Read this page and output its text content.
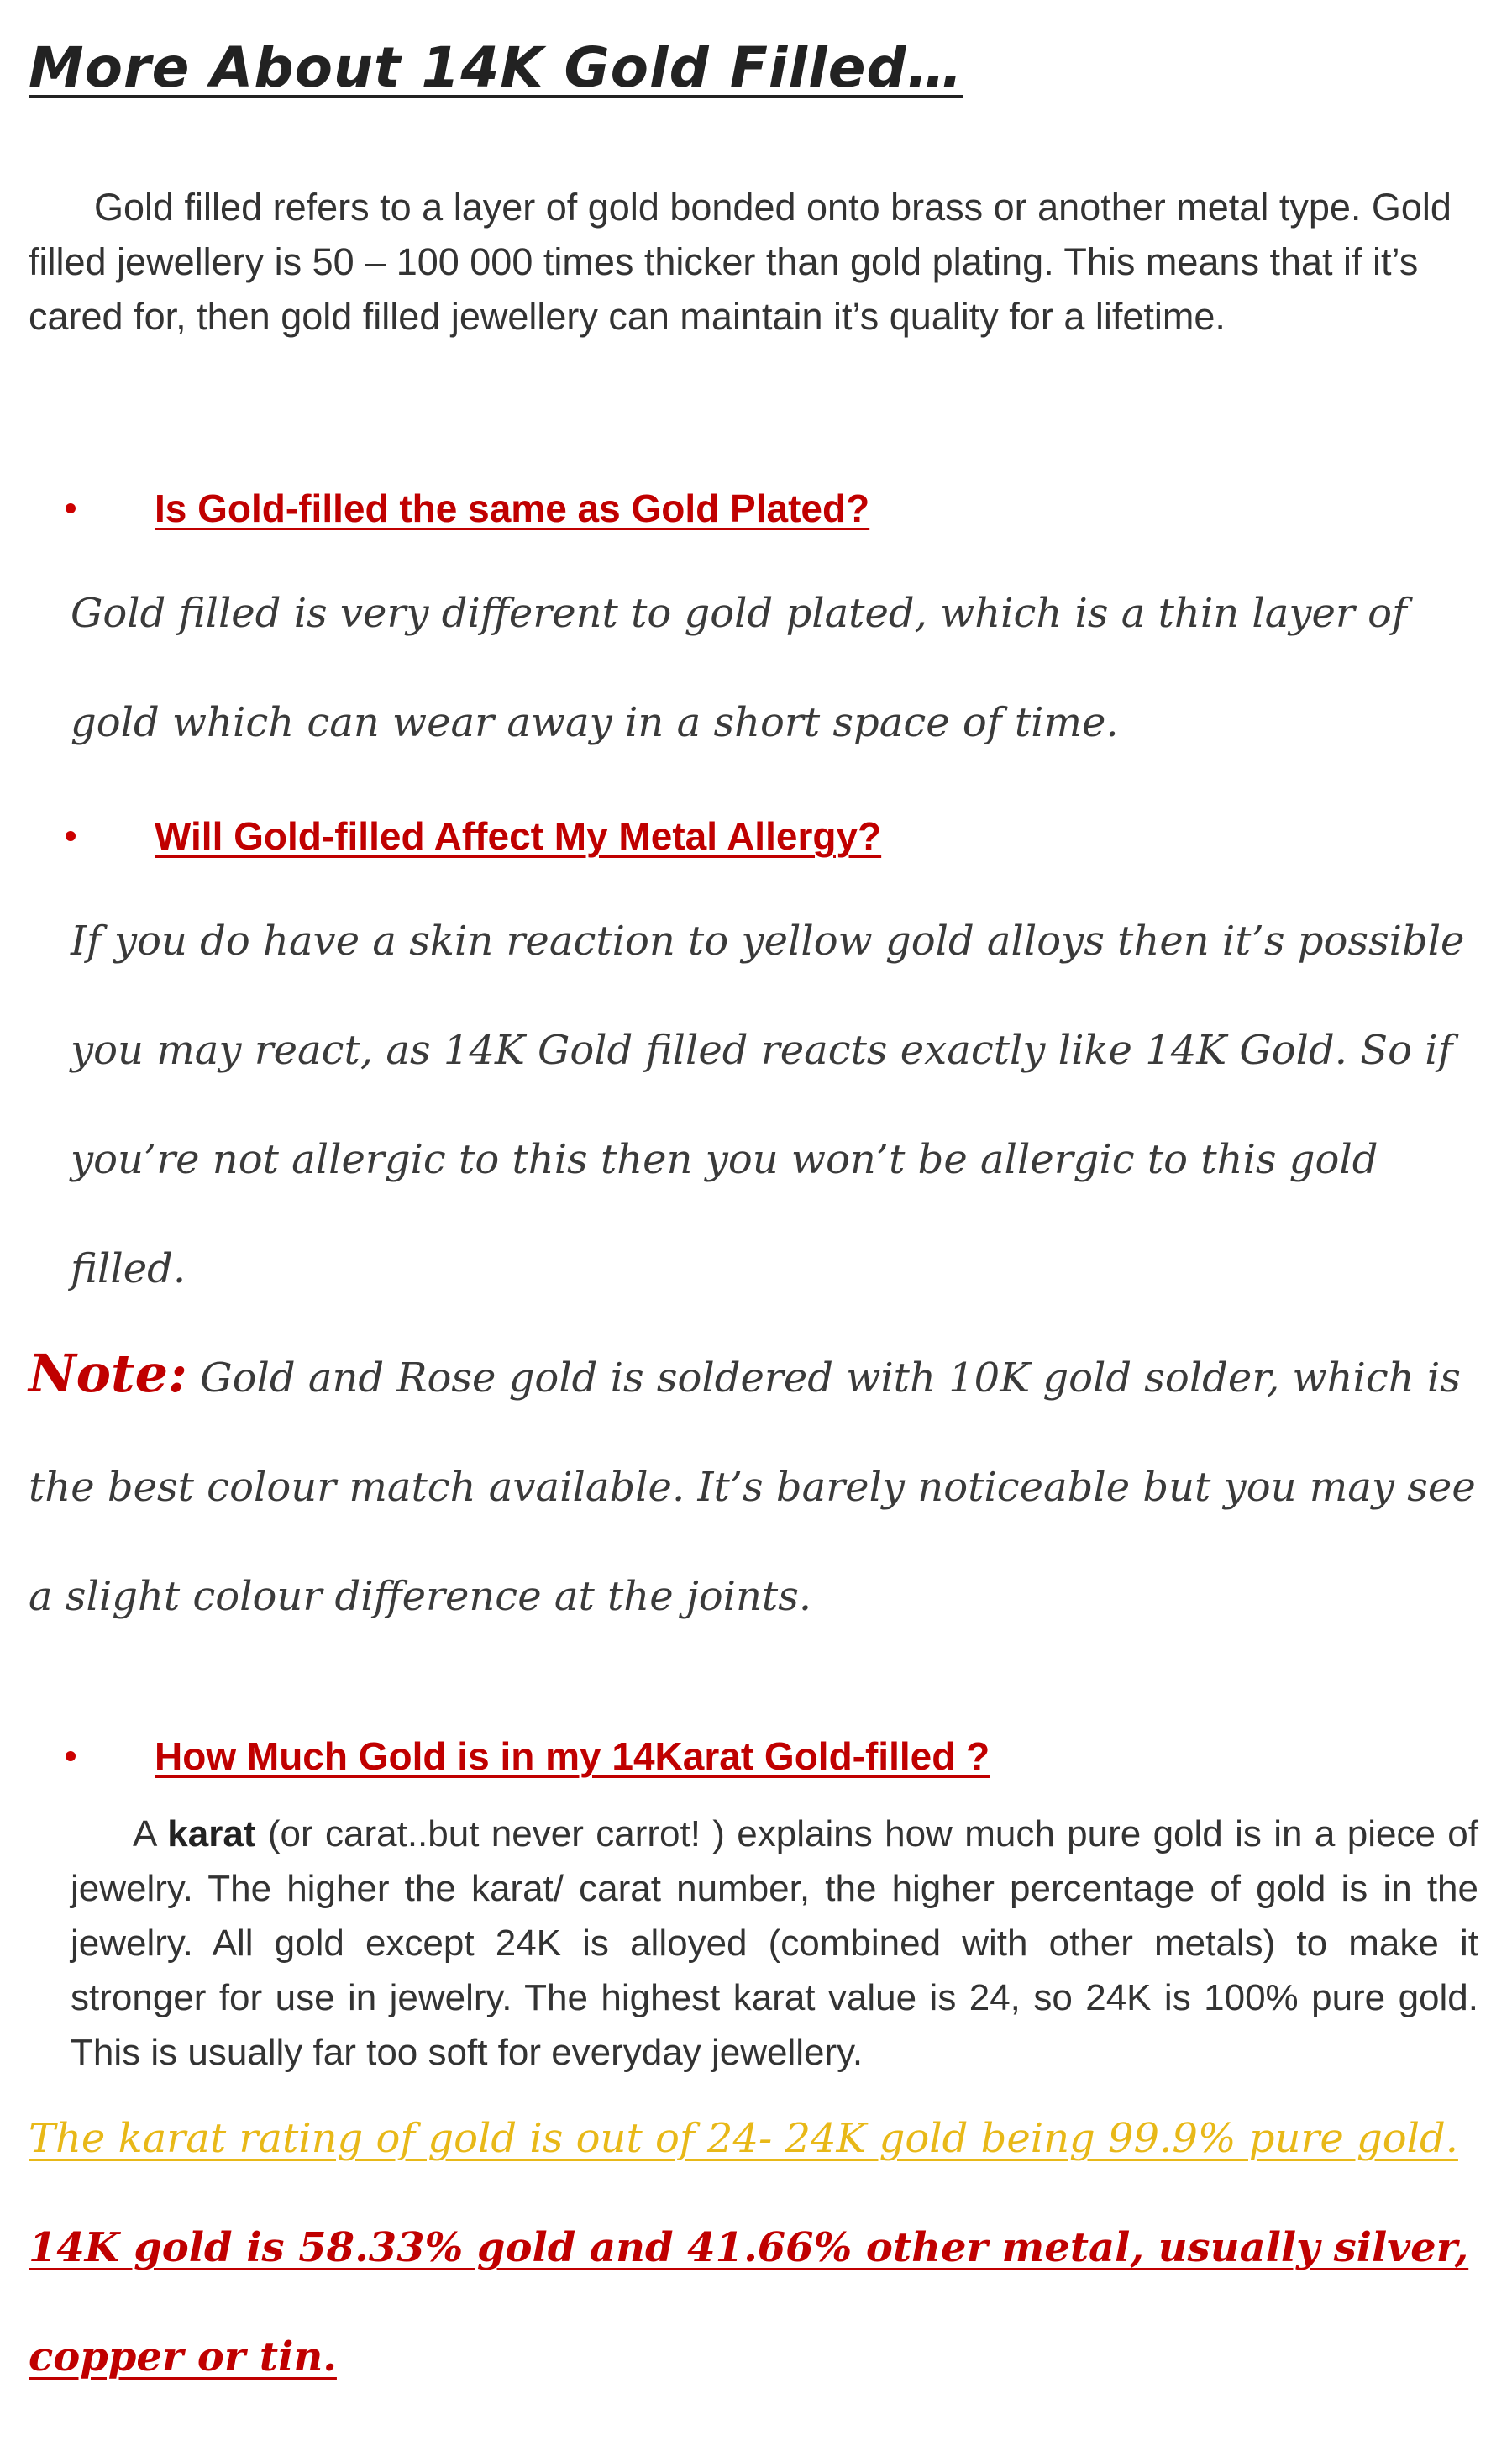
More About 14K Gold Filled…

Gold filled refers to a layer of gold bonded onto brass or another metal type. Gold filled jewellery is 50 – 100 000 times thicker than gold plating. This means that if it’s cared for, then gold filled jewellery can maintain it’s quality for a lifetime.

Is Gold-filled the same as Gold Plated?

Gold filled is very different to gold plated, which is a thin layer of gold which can wear away in a short space of time.

Will Gold-filled Affect My Metal Allergy?

If you do have a skin reaction to yellow gold alloys then it’s possible you may react, as 14K Gold filled reacts exactly like 14K Gold. So if you’re not allergic to this then you won’t be allergic to this gold filled.

Note: Gold and Rose gold is soldered with 10K gold solder, which is the best colour match available. It’s barely noticeable but you may see a slight colour difference at the joints.

How Much Gold is in my 14Karat Gold-filled ?

A karat (or carat..but never carrot! ) explains how much pure gold is in a piece of jewelry. The higher the karat/ carat number, the higher percentage of gold is in the jewelry. All gold except 24K is alloyed (combined with other metals) to make it stronger for use in jewelry. The highest karat value is 24, so 24K is 100% pure gold. This is usually far too soft for everyday jewellery.

The karat rating of gold is out of 24- 24K gold being 99.9% pure gold. 14K gold is 58.33% gold and 41.66% other metal, usually silver, copper or tin.
